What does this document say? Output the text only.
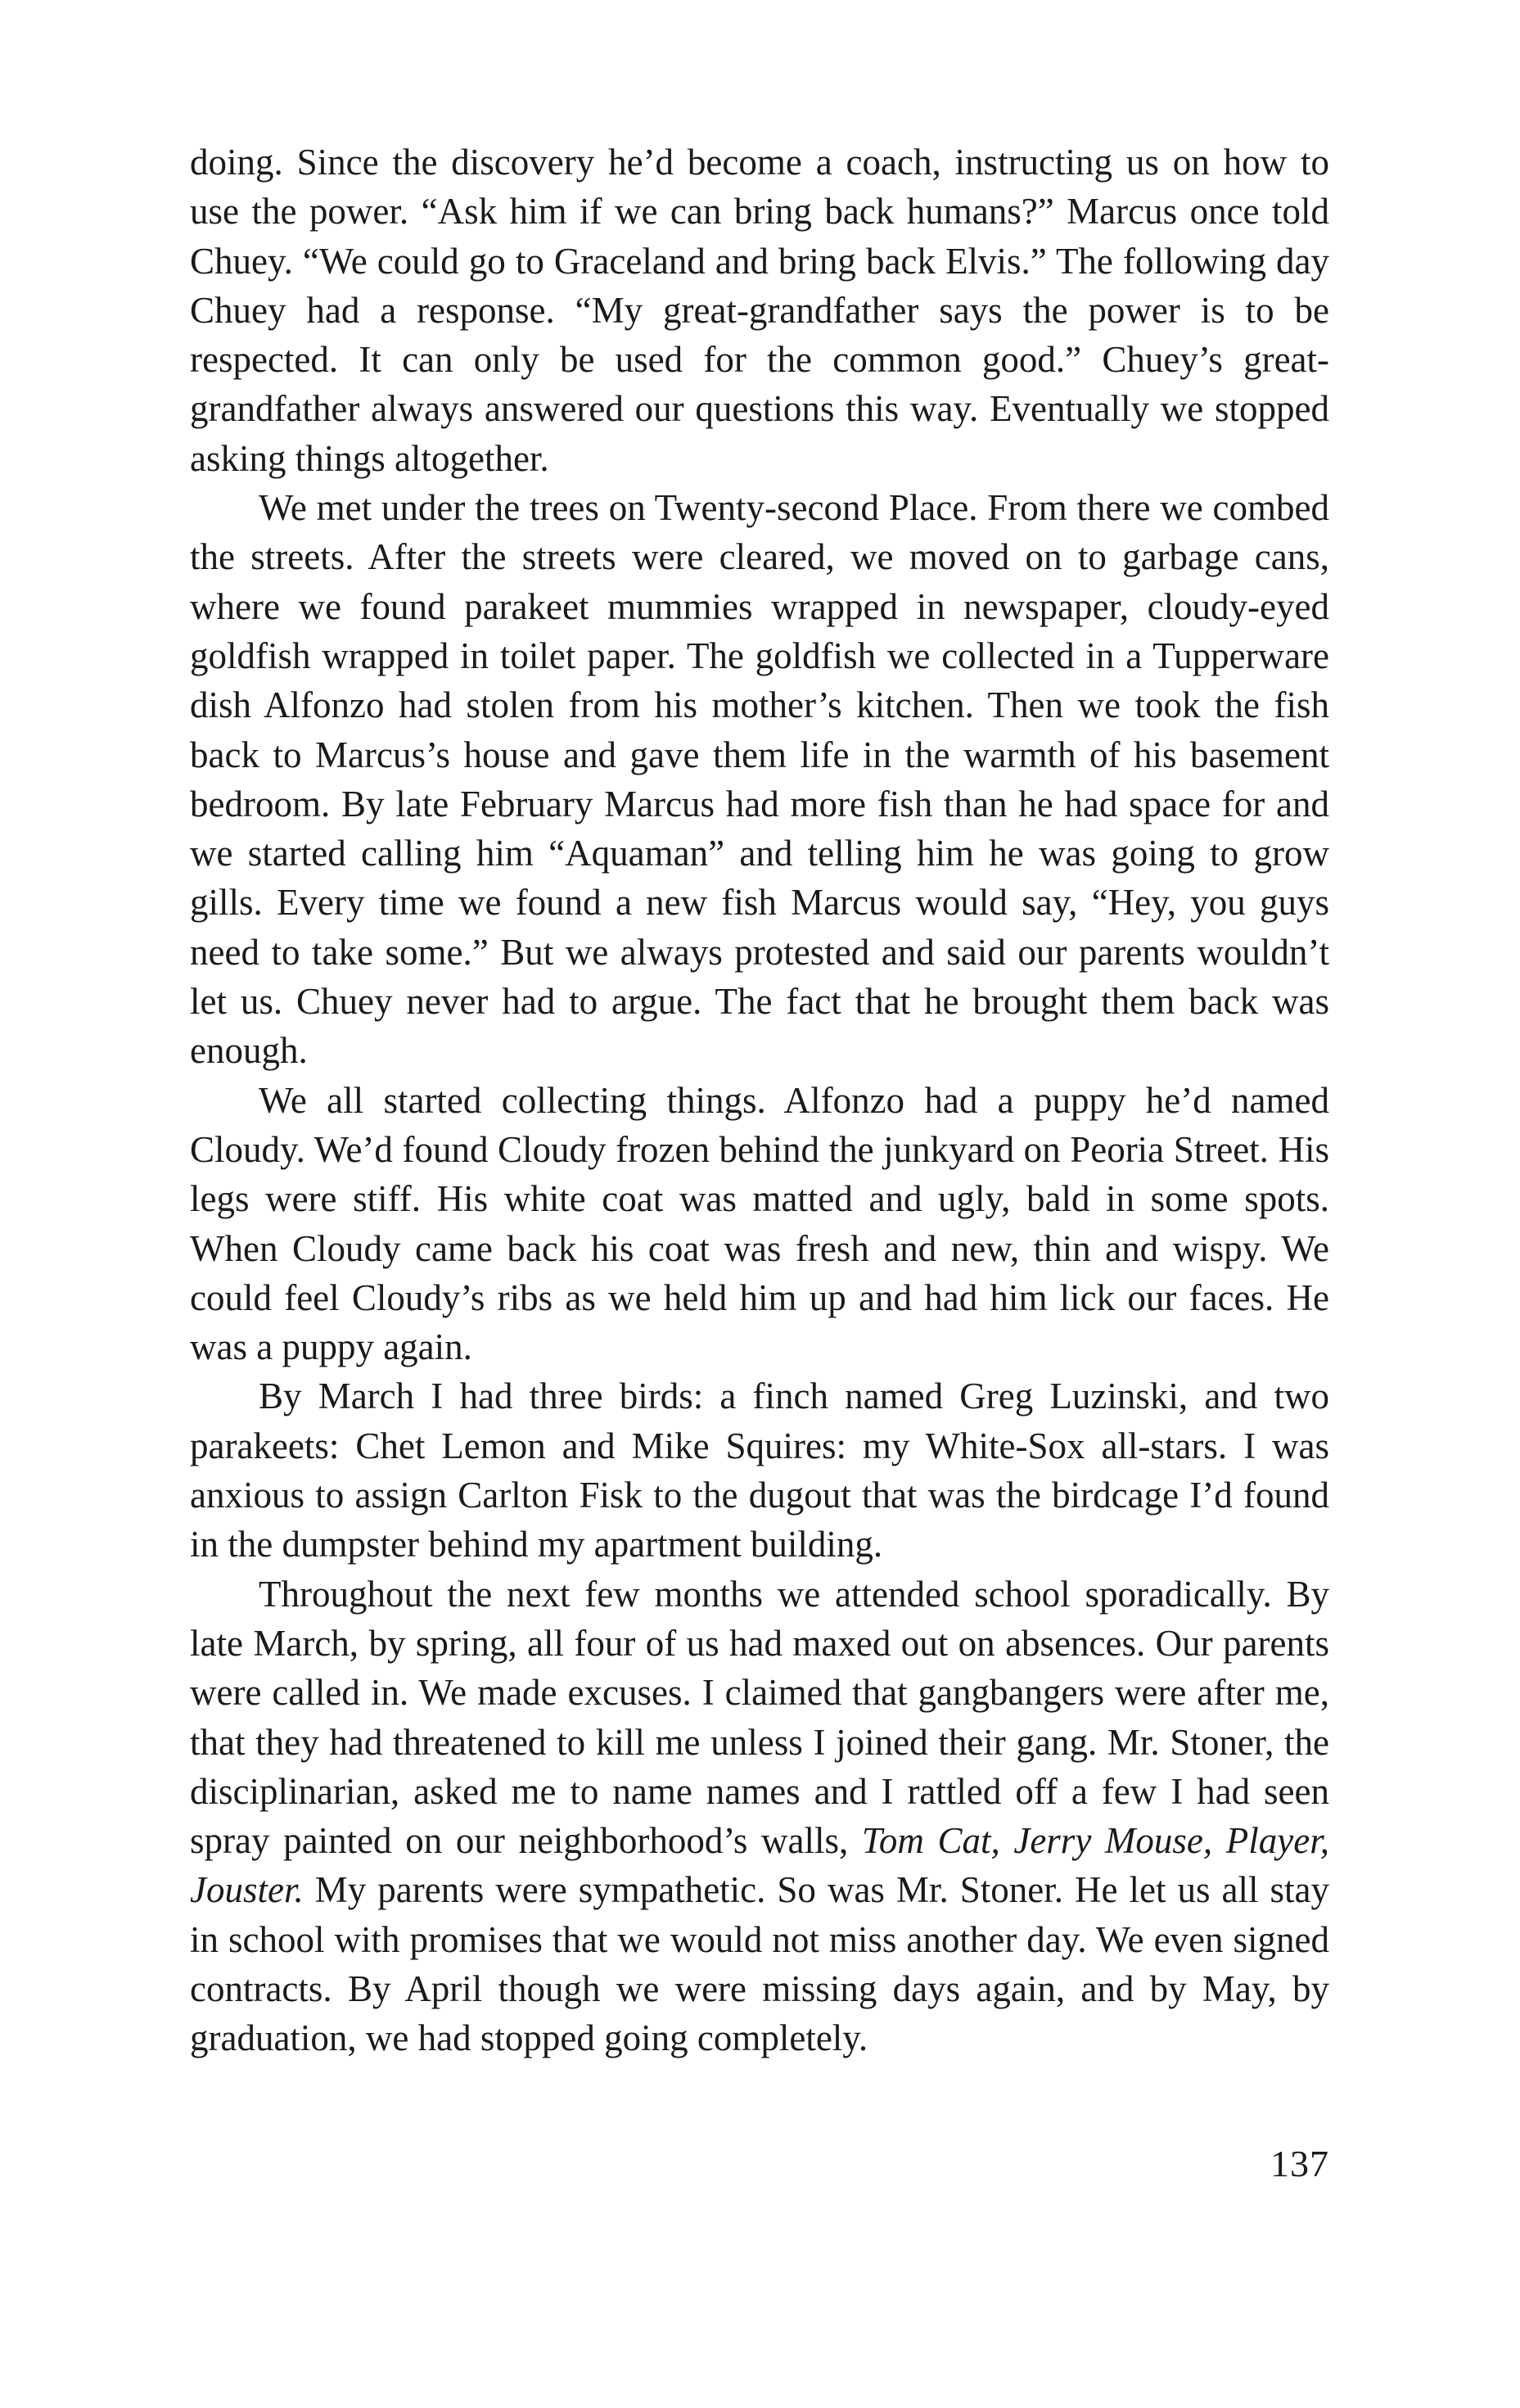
doing. Since the discovery he’d become a coach, instructing us on how to use the power. “Ask him if we can bring back humans?” Marcus once told Chuey. “We could go to Graceland and bring back Elvis.” The following day Chuey had a response. “My great-grandfather says the power is to be respected. It can only be used for the common good.” Chuey’s great-grandfather always answered our questions this way. Eventually we stopped asking things altogether.

We met under the trees on Twenty-second Place. From there we combed the streets. After the streets were cleared, we moved on to garbage cans, where we found parakeet mummies wrapped in newspaper, cloudy-eyed goldfish wrapped in toilet paper. The goldfish we collected in a Tupperware dish Alfonzo had stolen from his mother’s kitchen. Then we took the fish back to Marcus’s house and gave them life in the warmth of his basement bedroom. By late February Marcus had more fish than he had space for and we started calling him “Aquaman” and telling him he was going to grow gills. Every time we found a new fish Marcus would say, “Hey, you guys need to take some.” But we always protested and said our parents wouldn’t let us. Chuey never had to argue. The fact that he brought them back was enough.

We all started collecting things. Alfonzo had a puppy he’d named Cloudy. We’d found Cloudy frozen behind the junkyard on Peoria Street. His legs were stiff. His white coat was matted and ugly, bald in some spots. When Cloudy came back his coat was fresh and new, thin and wispy. We could feel Cloudy’s ribs as we held him up and had him lick our faces. He was a puppy again.

By March I had three birds: a finch named Greg Luzinski, and two parakeets: Chet Lemon and Mike Squires: my White-Sox all-stars. I was anxious to assign Carlton Fisk to the dugout that was the birdcage I’d found in the dumpster behind my apartment building.

Throughout the next few months we attended school sporadically. By late March, by spring, all four of us had maxed out on absences. Our parents were called in. We made excuses. I claimed that gangbangers were after me, that they had threatened to kill me unless I joined their gang. Mr. Stoner, the disciplinarian, asked me to name names and I rattled off a few I had seen spray painted on our neighborhood’s walls, Tom Cat, Jerry Mouse, Player, Jouster. My parents were sympathetic. So was Mr. Stoner. He let us all stay in school with promises that we would not miss another day. We even signed contracts. By April though we were missing days again, and by May, by graduation, we had stopped going completely.

137
